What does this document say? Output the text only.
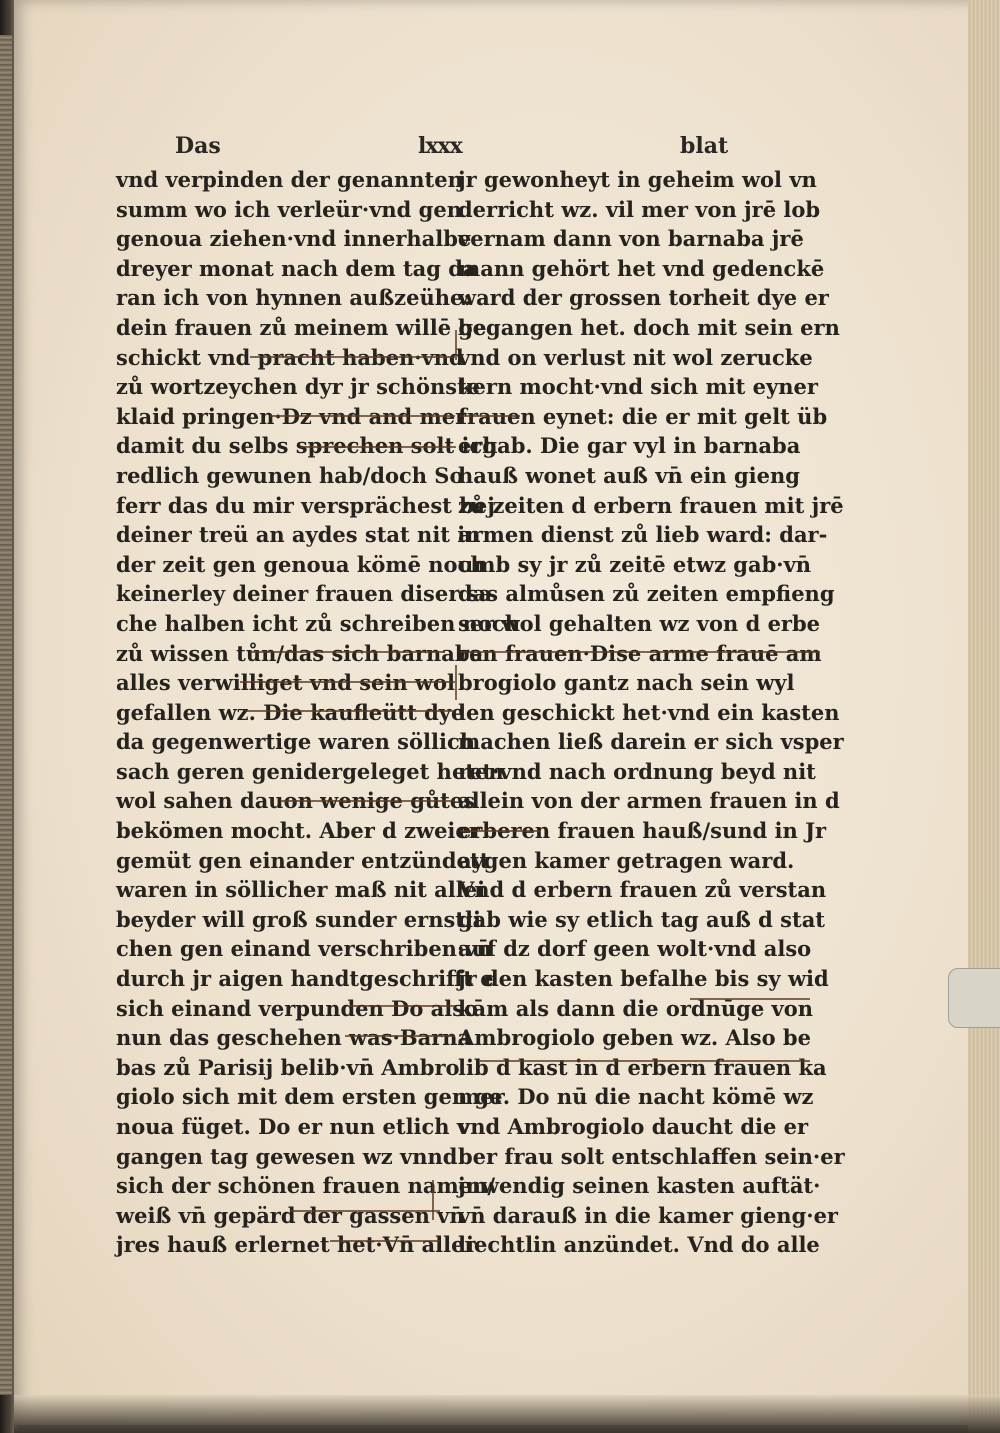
Das	lxxx	blat
vnd verpinden der genannten
summ wo ich verleür·vnd gen
genoua ziehen·vnd innerhalbe
dreyer monat nach dem tag da
ran ich von hynnen außzeühe:
dein frauen zů meinem willē ge
schickt vnd pracht haben·vnd
zů wortzeychen dyr jr schönste
klaid pringen·Dz vnd and mer
damit du selbs sprechen solt ich
redlich gewunen hab/doch So
ferr das du mir versprächest bej
deiner treü an aydes stat nit in
der zeit gen genoua kömē noch
keinerley deiner frauen diser sa
che halben icht zů schreiben noch
zů wissen tůn/das sich barnaba
alles verwilliget vnd sein wol
gefallen wz. Die kaufleütt dye
da gegenwertige waren söllich
sach geren genidergeleget heten
wol sahen dauon wenige gůtes
bekömen mocht. Aber d zweier
gemüt gen einander entzündett
waren in söllicher maß nit allei
beyder will groß sunder ernstli
chen gen einand verschriben·vn̄
durch jr aigen handtgeschrifft e
sich einand verpunden Do also
nun das geschehen was·Barna
bas zů Parisij belib·vn̄ Ambro
giolo sich mit dem ersten gen ge
noua füget. Do er nun etlich v
gangen tag gewesen wz vnnd
sich der schönen frauen namen/
weiß vn̄ gepärd der gassen vn̄
jres hauß erlernet het·Vn̄ aller
jr gewonheyt in geheim wol vn
derricht wz. vil mer von jrē lob
vernam dann von barnaba jrē
mann gehört het vnd gedenckē
ward der grossen torheit dye er
begangen het. doch mit sein ern
vnd on verlust nit wol zerucke
kern mocht·vnd sich mit eyner
frauen eynet: die er mit gelt üb
ergab. Die gar vyl in barnaba
hauß wonet auß vn̄ ein gieng
zů zeiten d erbern frauen mit jrē
armen dienst zů lieb ward: dar-
umb sy jr zů zeitē etwz gab·vn̄
das almůsen zů zeiten empfieng
ser wol gehalten wz von d erbe
ren frauen·Dise arme frauē am
brogiolo gantz nach sein wyl
len geschickt het·vnd ein kasten
machen ließ darein er sich vsper
ret·vnd nach ordnung beyd nit
allein von der armen frauen in d
erberen frauen hauß/sund in Jr
aygen kamer getragen ward.
Vnd d erbern frauen zů verstan
gab wie sy etlich tag auß d stat
auf dz dorf geen wolt·vnd also
jr den kasten befalhe bis sy wid
kām als dann die ordnūge von
Ambrogiolo geben wz. Also be
lib d kast in d erbern frauen ka
mer. Do nū die nacht kömē wz
vnd Ambrogiolo daucht die er
ber frau solt entschlaffen sein·er
jnwendig seinen kasten auftät·
vn̄ darauß in die kamer gieng·er
liechtlin anzündet. Vnd do alle
